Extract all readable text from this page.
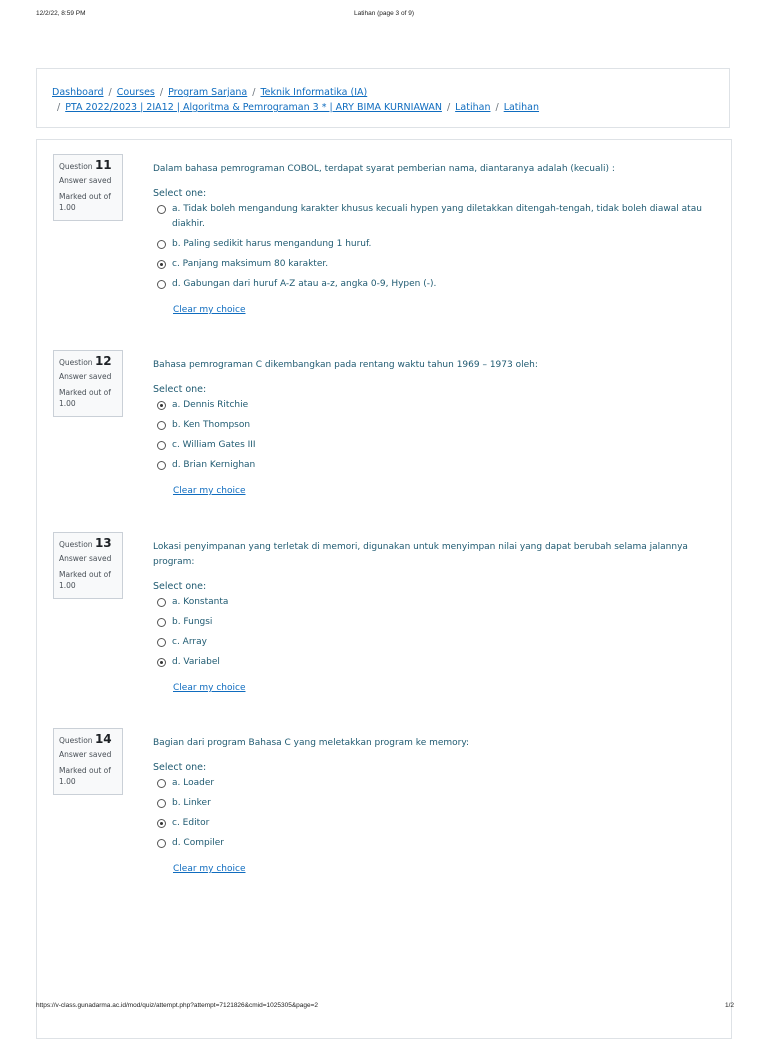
12/2/22, 8:59 PM	Latihan (page 3 of 9)
Dashboard / Courses / Program Sarjana / Teknik Informatika (IA)
/ PTA 2022/2023 | 2IA12 | Algoritma & Pemrograman 3 * | ARY BIMA KURNIAWAN / Latihan / Latihan
Question 11
Answer saved
Marked out of 1.00
Dalam bahasa pemrograman COBOL, terdapat syarat pemberian nama, diantaranya adalah (kecuali) :
Select one:
a. Tidak boleh mengandung karakter khusus kecuali hypen yang diletakkan ditengah-tengah, tidak boleh diawal atau diakhir.
b. Paling sedikit harus mengandung 1 huruf.
c. Panjang maksimum 80 karakter.
d. Gabungan dari huruf A-Z atau a-z, angka 0-9, Hypen (-).
Clear my choice
Question 12
Answer saved
Marked out of 1.00
Bahasa pemrograman C dikembangkan pada rentang waktu tahun 1969 – 1973 oleh:
Select one:
a. Dennis Ritchie
b. Ken Thompson
c. William Gates III
d. Brian Kernighan
Clear my choice
Question 13
Answer saved
Marked out of 1.00
Lokasi penyimpanan yang terletak di memori, digunakan untuk menyimpan nilai yang dapat berubah selama jalannya program:
Select one:
a. Konstanta
b. Fungsi
c. Array
d. Variabel
Clear my choice
Question 14
Answer saved
Marked out of 1.00
Bagian dari program Bahasa C yang meletakkan program ke memory:
Select one:
a. Loader
b. Linker
c. Editor
d. Compiler
Clear my choice
https://v-class.gunadarma.ac.id/mod/quiz/attempt.php?attempt=7121826&cmid=1025305&page=2	1/2
